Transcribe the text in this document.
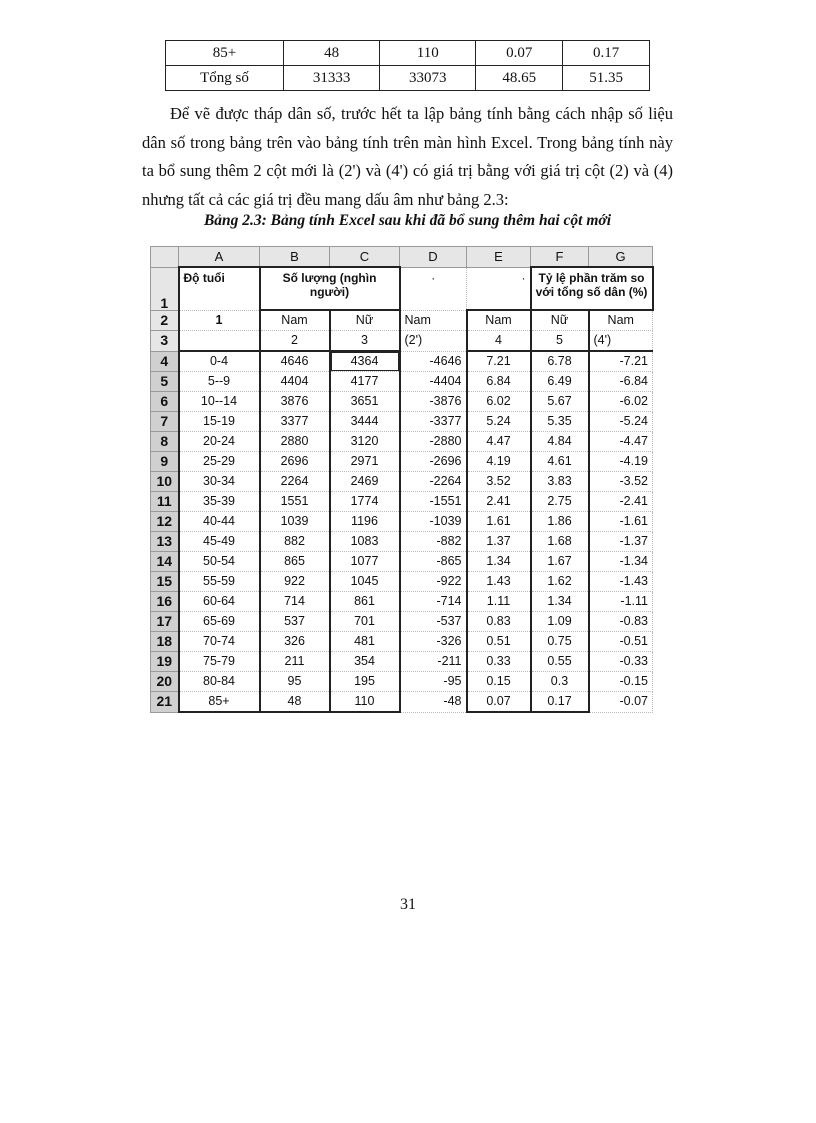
85+	48	110	0.07	0.17
Tổng số	31333	33073	48.65	51.35

Để vẽ được tháp dân số, trước hết ta lập bảng tính bằng cách nhập số liệu dân số trong bảng trên vào bảng tính trên màn hình Excel. Trong bảng tính này ta bổ sung thêm 2 cột mới là (2') và (4') có giá trị bằng với giá trị cột (2) và (4) nhưng tất cả các giá trị đều mang dấu âm như bảng 2.3:

Bảng 2.3: Bảng tính Excel sau khi đã bổ sung thêm hai cột mới
	A	B	C	D	E	F	G
1	Độ tuổi	Số lượng (nghìn người)		·	·	Tỷ lệ phần trăm so với tổng số dân (%)	
2	1	Nam	Nữ	Nam	Nam	Nữ	Nam
3		2	3	(2')	4	5	(4')
4	0-4	4646	4364	-4646	7.21	6.78	-7.21
5	5--9	4404	4177	-4404	6.84	6.49	-6.84
6	10--14	3876	3651	-3876	6.02	5.67	-6.02
7	15-19	3377	3444	-3377	5.24	5.35	-5.24
8	20-24	2880	3120	-2880	4.47	4.84	-4.47
9	25-29	2696	2971	-2696	4.19	4.61	-4.19
10	30-34	2264	2469	-2264	3.52	3.83	-3.52
11	35-39	1551	1774	-1551	2.41	2.75	-2.41
12	40-44	1039	1196	-1039	1.61	1.86	-1.61
13	45-49	882	1083	-882	1.37	1.68	-1.37
14	50-54	865	1077	-865	1.34	1.67	-1.34
15	55-59	922	1045	-922	1.43	1.62	-1.43
16	60-64	714	861	-714	1.11	1.34	-1.11
17	65-69	537	701	-537	0.83	1.09	-0.83
18	70-74	326	481	-326	0.51	0.75	-0.51
19	75-79	211	354	-211	0.33	0.55	-0.33
20	80-84	95	195	-95	0.15	0.3	-0.15
21	85+	48	110	-48	0.07	0.17	-0.07
31
